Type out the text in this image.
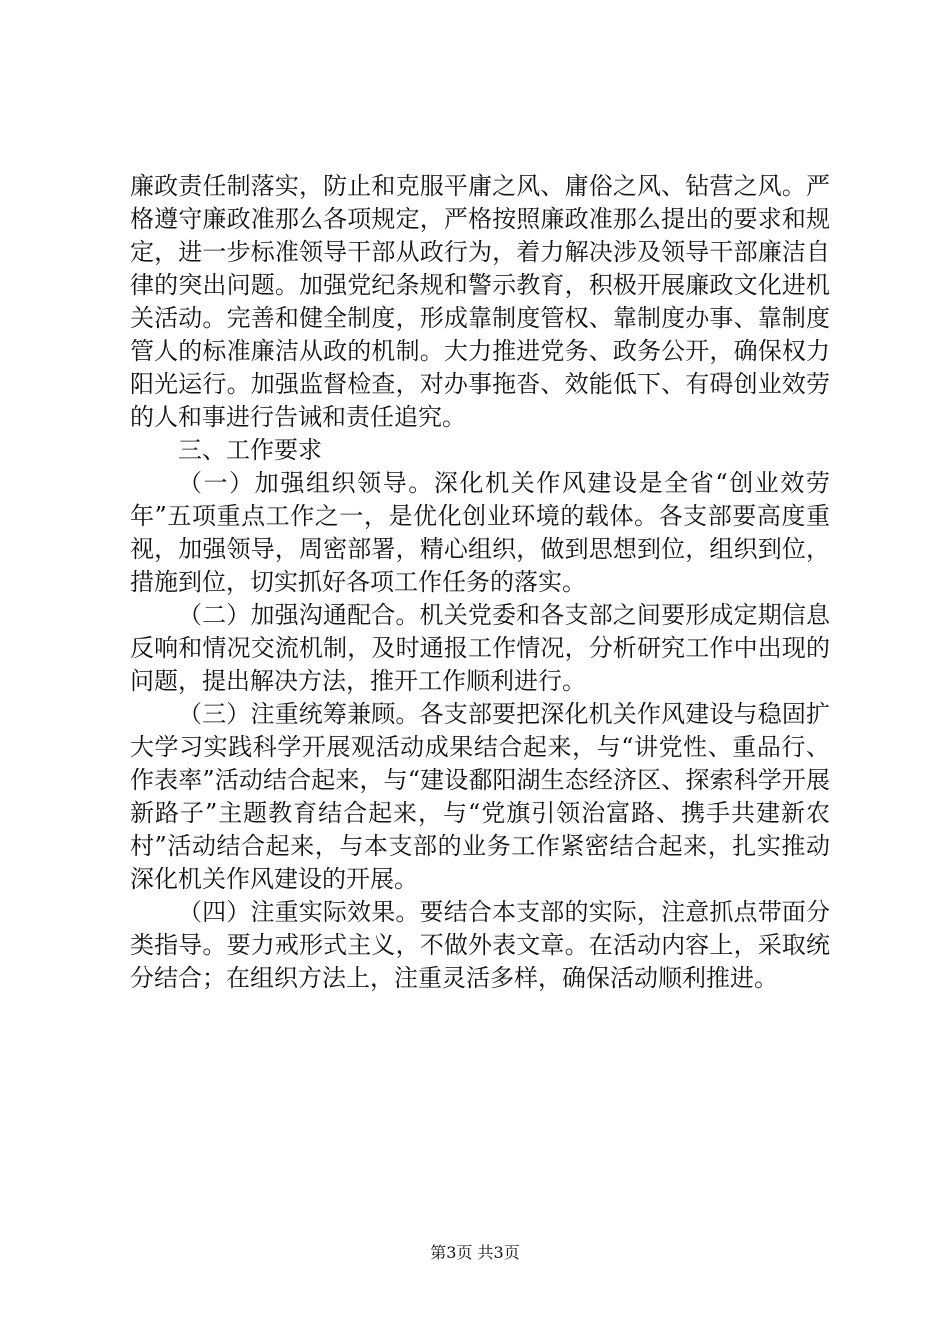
廉政责任制落实，防止和克服平庸之风、庸俗之风、钻营之风。严格遵守廉政准那么各项规定，严格按照廉政准那么提出的要求和规定，进一步标准领导干部从政行为，着力解决涉及领导干部廉洁自律的突出问题。加强党纪条规和警示教育，积极开展廉政文化进机关活动。完善和健全制度，形成靠制度管权、靠制度办事、靠制度管人的标准廉洁从政的机制。大力推进党务、政务公开，确保权力阳光运行。加强监督检查，对办事拖沓、效能低下、有碍创业效劳的人和事进行告诫和责任追究。

三、工作要求

（一）加强组织领导。深化机关作风建设是全省“创业效劳年”五项重点工作之一，是优化创业环境的载体。各支部要高度重视，加强领导，周密部署，精心组织，做到思想到位，组织到位，措施到位，切实抓好各项工作任务的落实。

（二）加强沟通配合。机关党委和各支部之间要形成定期信息反响和情况交流机制，及时通报工作情况，分析研究工作中出现的问题，提出解决方法，推开工作顺利进行。

（三）注重统筹兼顾。各支部要把深化机关作风建设与稳固扩大学习实践科学开展观活动成果结合起来，与“讲党性、重品行、作表率”活动结合起来，与“建设鄱阳湖生态经济区、探索科学开展新路子”主题教育结合起来，与“党旗引领治富路、携手共建新农村”活动结合起来，与本支部的业务工作紧密结合起来，扎实推动深化机关作风建设的开展。

（四）注重实际效果。要结合本支部的实际，注意抓点带面分类指导。要力戒形式主义，不做外表文章。在活动内容上，采取统分结合；在组织方法上，注重灵活多样，确保活动顺利推进。

第3页 共3页
